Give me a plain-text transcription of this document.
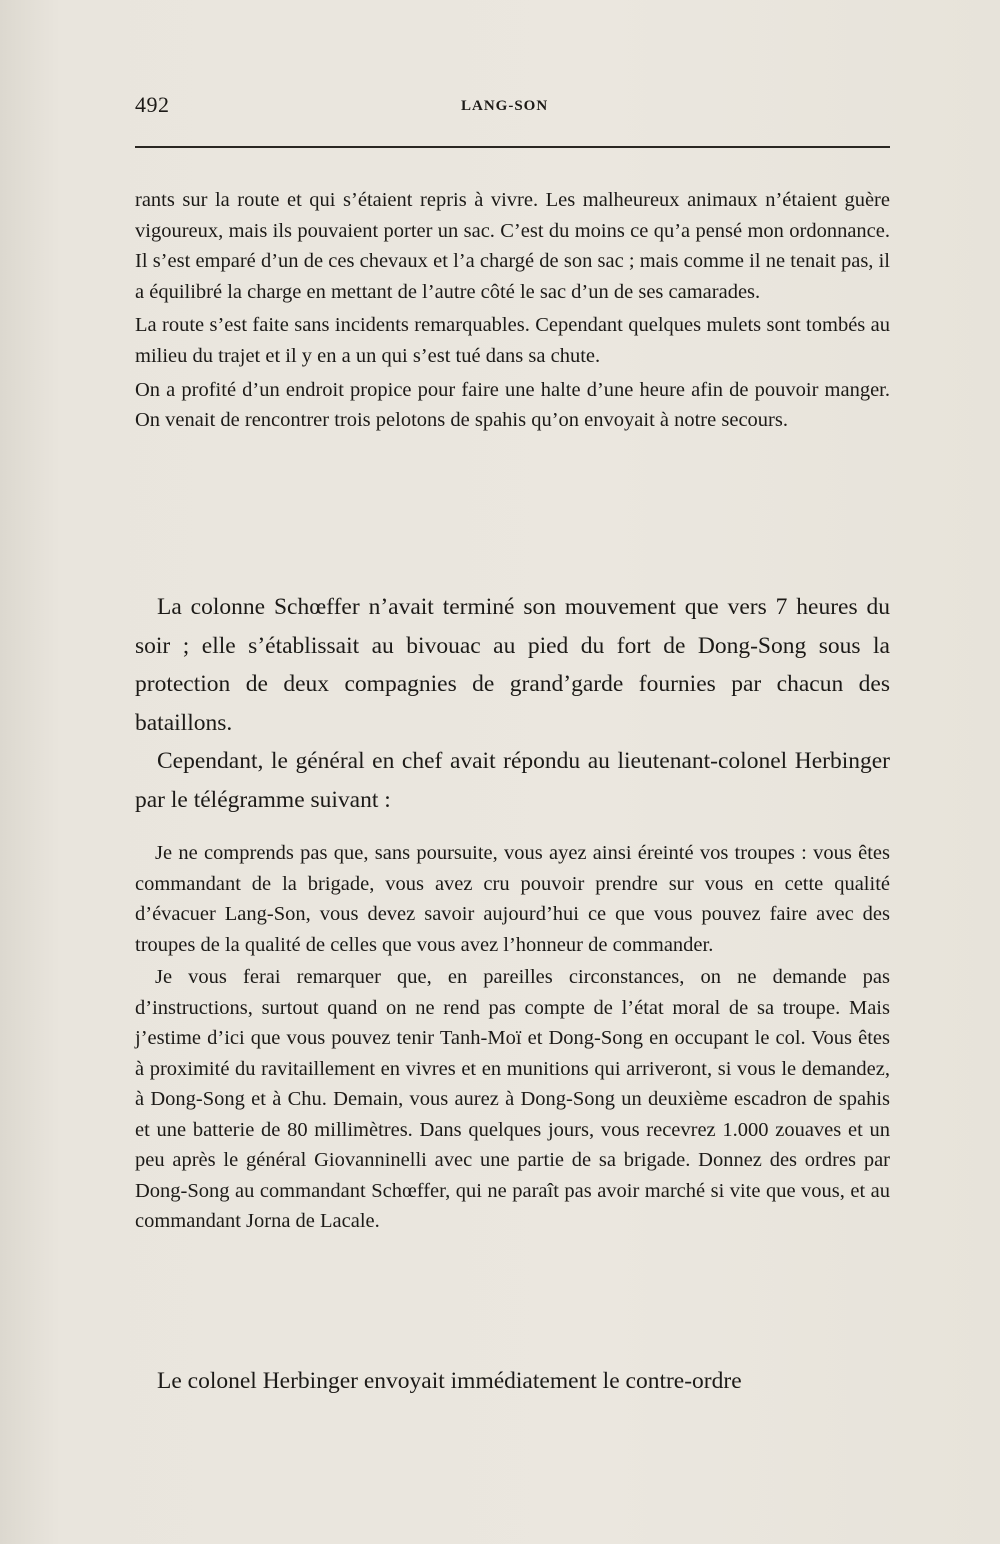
492	LANG-SON

rants sur la route et qui s’étaient repris à vivre. Les malheureux animaux n’étaient guère vigoureux, mais ils pouvaient porter un sac. C’est du moins ce qu’a pensé mon ordonnance. Il s’est emparé d’un de ces chevaux et l’a chargé de son sac ; mais comme il ne tenait pas, il a équilibré la charge en mettant de l’autre côté le sac d’un de ses camarades.

La route s’est faite sans incidents remarquables. Cependant quelques mulets sont tombés au milieu du trajet et il y en a un qui s’est tué dans sa chute.

On a profité d’un endroit propice pour faire une halte d’une heure afin de pouvoir manger. On venait de rencontrer trois pelotons de spahis qu’on envoyait à notre secours.

La colonne Schœffer n’avait terminé son mouvement que vers 7 heures du soir ; elle s’établissait au bivouac au pied du fort de Dong-Song sous la protection de deux compagnies de grand’garde fournies par chacun des bataillons.

Cependant, le général en chef avait répondu au lieutenant-colonel Herbinger par le télégramme suivant :

Je ne comprends pas que, sans poursuite, vous ayez ainsi éreinté vos troupes : vous êtes commandant de la brigade, vous avez cru pouvoir prendre sur vous en cette qualité d’évacuer Lang-Son, vous devez savoir aujourd’hui ce que vous pouvez faire avec des troupes de la qualité de celles que vous avez l’honneur de commander.

Je vous ferai remarquer que, en pareilles circonstances, on ne demande pas d’instructions, surtout quand on ne rend pas compte de l’état moral de sa troupe. Mais j’estime d’ici que vous pouvez tenir Tanh-Moï et Dong-Song en occupant le col. Vous êtes à proximité du ravitaillement en vivres et en munitions qui arriveront, si vous le demandez, à Dong-Song et à Chu. Demain, vous aurez à Dong-Song un deuxième escadron de spahis et une batterie de 80 millimètres. Dans quelques jours, vous recevrez 1.000 zouaves et un peu après le général Giovanninelli avec une partie de sa brigade. Donnez des ordres par Dong-Song au commandant Schœffer, qui ne paraît pas avoir marché si vite que vous, et au commandant Jorna de Lacale.

Le colonel Herbinger envoyait immédiatement le contre-ordre
